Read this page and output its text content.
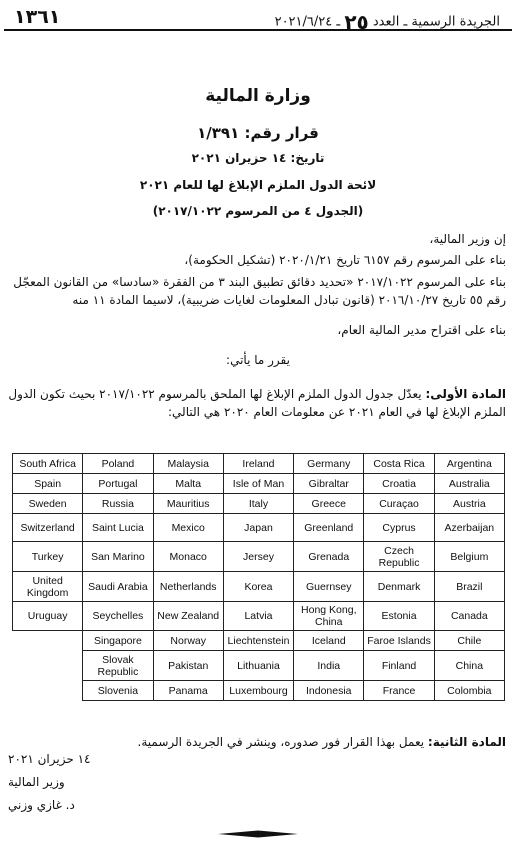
١٣٦١	الجريدة الرسمية ـ العدد ٢٥ ـ ٢٠٢١/٦/٢٤
وزارة المالية
قرار رقم: ١/٣٩١
تاريخ: ١٤ حزيران ٢٠٢١
لائحة الدول الملزم الإبلاغ لها للعام ٢٠٢١
(الجدول ٤ من المرسوم ٢٠١٧/١٠٢٢)
إن وزير المالية،
بناء على المرسوم رقم ٦١٥٧ تاريخ ٢٠٢٠/١/٢١ (تشكيل الحكومة)،
بناء على المرسوم ٢٠١٧/١٠٢٢ «تحديد دقائق تطبيق البند ٣ من الفقرة «سادسا» من القانون المعجّل رقم ٥٥ تاريخ ٢٠١٦/١٠/٢٧ (قانون تبادل المعلومات لغايات ضريبية)، لاسيما المادة ١١ منه
بناء على اقتراح مدير المالية العام،
يقرر ما يأتي:
المادة الأولى: يعدّل جدول الدول الملزم الإبلاغ لها الملحق بالمرسوم ٢٠١٧/١٠٢٢ بحيث تكون الدول الملزم الإبلاغ لها في العام ٢٠٢١ عن معلومات العام ٢٠٢٠ هي التالي:
South Africa	Poland	Malaysia	Ireland	Germany	Costa Rica	Argentina
Spain	Portugal	Malta	Isle of Man	Gibraltar	Croatia	Australia
Sweden	Russia	Mauritius	Italy	Greece	Curaçao	Austria
Switzerland	Saint Lucia	Mexico	Japan	Greenland	Cyprus	Azerbaijan
Turkey	San Marino	Monaco	Jersey	Grenada	Czech Republic	Belgium
United Kingdom	Saudi Arabia	Netherlands	Korea	Guernsey	Denmark	Brazil
Uruguay	Seychelles	New Zealand	Latvia	Hong Kong, China	Estonia	Canada
	Singapore	Norway	Liechtenstein	Iceland	Faroe Islands	Chile
	Slovak Republic	Pakistan	Lithuania	India	Finland	China
	Slovenia	Panama	Luxembourg	Indonesia	France	Colombia
المادة الثانية: يعمل بهذا القرار فور صدوره، وينشر في الجريدة الرسمية.
١٤ حزيران ٢٠٢١
وزير المالية
د. غازي وزني
